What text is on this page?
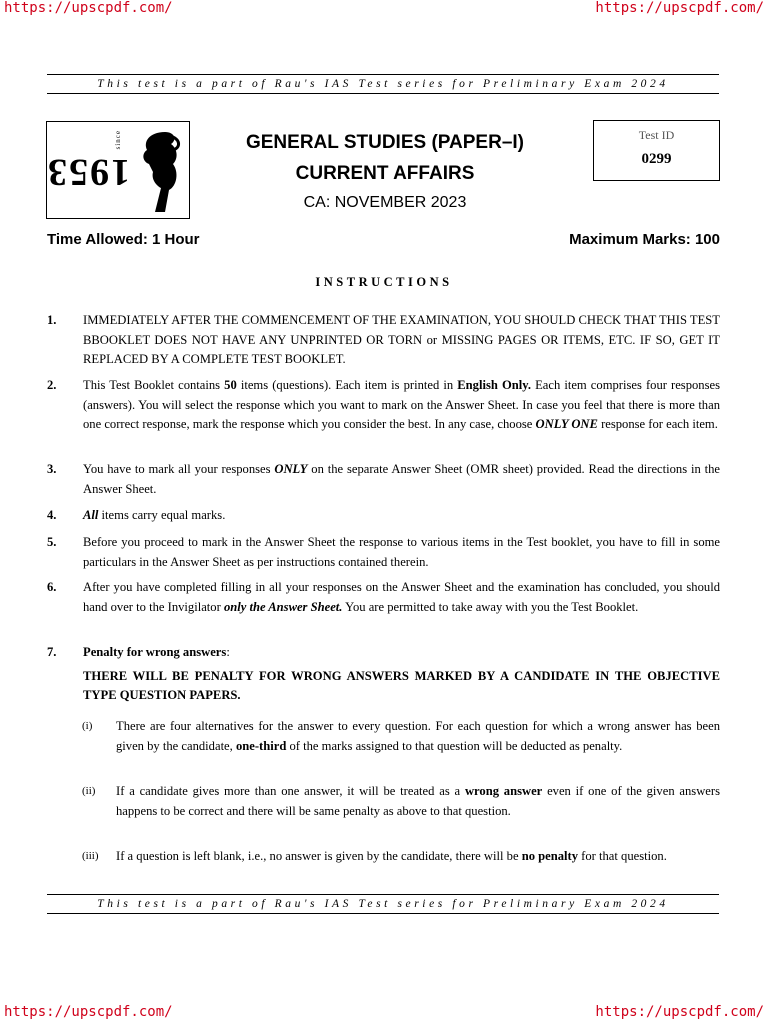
https://upscpdf.com/	https://upscpdf.com/
This test is a part of Rau's IAS Test series for Preliminary Exam 2024
since
1953
GENERAL STUDIES (PAPER–I)
CURRENT AFFAIRS
CA: NOVEMBER 2023
Test ID
0299
Time Allowed: 1 Hour	Maximum Marks: 100
INSTRUCTIONS
1. IMMEDIATELY AFTER THE COMMENCEMENT OF THE EXAMINATION, YOU SHOULD CHECK THAT THIS TEST BBOOKLET DOES NOT HAVE ANY UNPRINTED OR TORN or MISSING PAGES OR ITEMS, ETC. IF SO, GET IT REPLACED BY A COMPLETE TEST BOOKLET.
2. This Test Booklet contains 50 items (questions). Each item is printed in English Only. Each item comprises four responses (answers). You will select the response which you want to mark on the Answer Sheet. In case you feel that there is more than one correct response, mark the response which you consider the best. In any case, choose ONLY ONE response for each item.
3. You have to mark all your responses ONLY on the separate Answer Sheet (OMR sheet) provided. Read the directions in the Answer Sheet.
4. All items carry equal marks.
5. Before you proceed to mark in the Answer Sheet the response to various items in the Test booklet, you have to fill in some particulars in the Answer Sheet as per instructions contained therein.
6. After you have completed filling in all your responses on the Answer Sheet and the examination has concluded, you should hand over to the Invigilator only the Answer Sheet. You are permitted to take away with you the Test Booklet.
7. Penalty for wrong answers:
THERE WILL BE PENALTY FOR WRONG ANSWERS MARKED BY A CANDIDATE IN THE OBJECTIVE TYPE QUESTION PAPERS.
(i) There are four alternatives for the answer to every question. For each question for which a wrong answer has been given by the candidate, one-third of the marks assigned to that question will be deducted as penalty.
(ii) If a candidate gives more than one answer, it will be treated as a wrong answer even if one of the given answers happens to be correct and there will be same penalty as above to that question.
(iii) If a question is left blank, i.e., no answer is given by the candidate, there will be no penalty for that question.
This test is a part of Rau's IAS Test series for Preliminary Exam 2024
https://upscpdf.com/	https://upscpdf.com/
